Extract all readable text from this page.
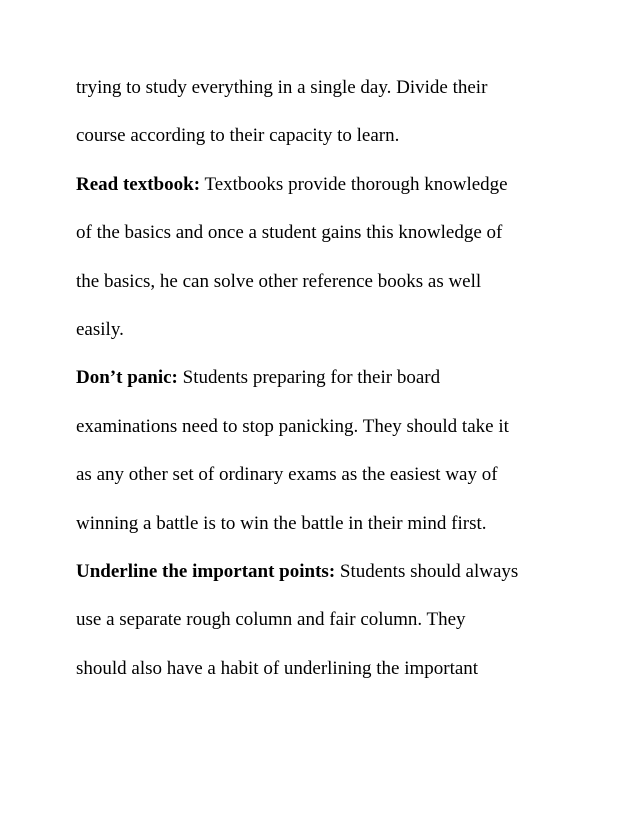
trying to study everything in a single day. Divide their
course according to their capacity to learn.
Read textbook: Textbooks provide thorough knowledge
of the basics and once a student gains this knowledge of
the basics, he can solve other reference books as well
easily.
Don’t panic: Students preparing for their board
examinations need to stop panicking. They should take it
as any other set of ordinary exams as the easiest way of
winning a battle is to win the battle in their mind first.
Underline the important points: Students should always
use a separate rough column and fair column. They
should also have a habit of underlining the important
